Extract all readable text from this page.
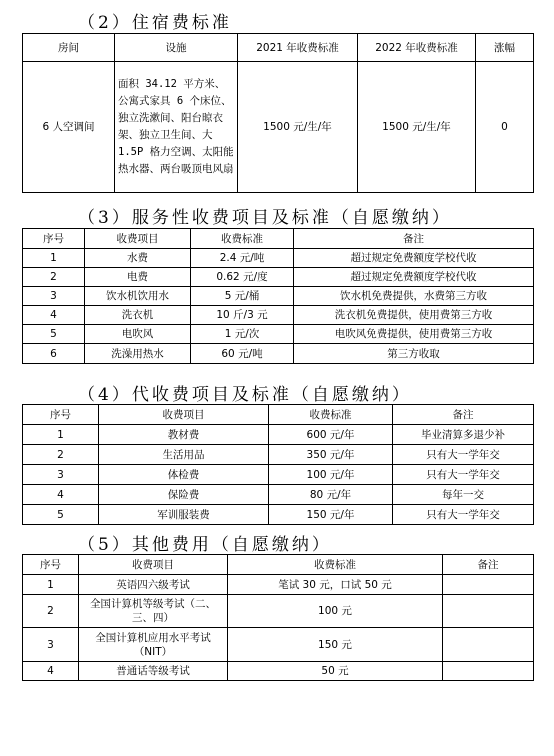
（2）住宿费标准
房间	设施	2021 年收费标准	2022 年收费标准	涨幅
6 人空调间	面积 34.12 平方米、公寓式家具 6 个床位、独立洗漱间、阳台晾衣架、独立卫生间、大 1.5P 格力空调、太阳能热水器、两台吸顶电风扇	1500 元/生/年	1500 元/生/年	0
（3）服务性收费项目及标准（自愿缴纳）
序号	收费项目	收费标准	备注
1	水费	2.4 元/吨	超过规定免费额度学校代收
2	电费	0.62 元/度	超过规定免费额度学校代收
3	饮水机饮用水	5 元/桶	饮水机免费提供，水费第三方收
4	洗衣机	10 斤/3 元	洗衣机免费提供，使用费第三方收
5	电吹风	1 元/次	电吹风免费提供，使用费第三方收
6	洗澡用热水	60 元/吨	第三方收取
（4）代收费项目及标准（自愿缴纳）
序号	收费项目	收费标准	备注
1	教材费	600 元/年	毕业清算多退少补
2	生活用品	350 元/年	只有大一学年交
3	体检费	100 元/年	只有大一学年交
4	保险费	80 元/年	每年一交
5	军训服装费	150 元/年	只有大一学年交
（5）其他费用（自愿缴纳）
序号	收费项目	收费标准	备注
1	英语四六级考试	笔试 30 元，口试 50 元	
2	全国计算机等级考试（二、三、四）	100 元	
3	全国计算机应用水平考试（NIT）	150 元	
4	普通话等级考试	50 元	
